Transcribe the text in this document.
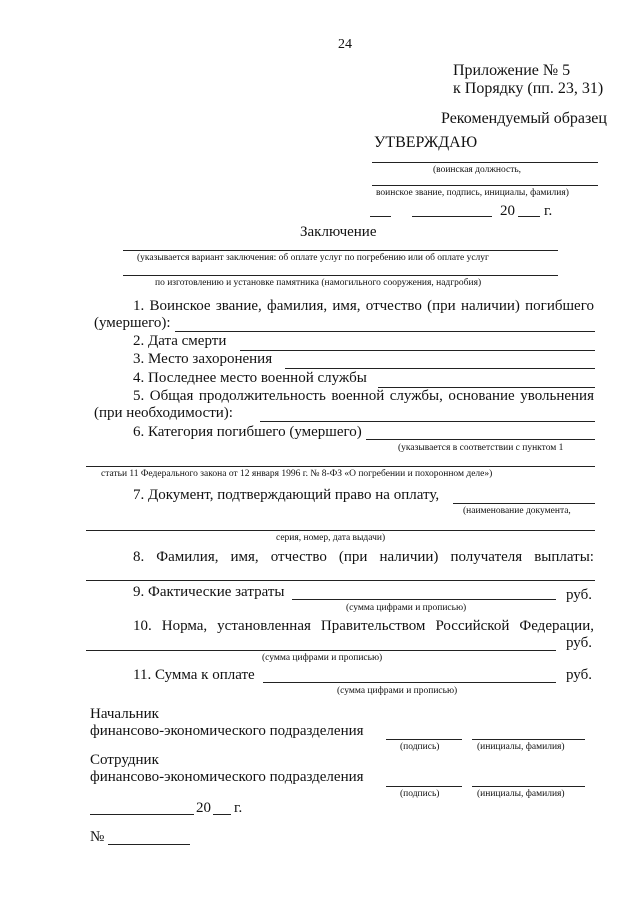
24
Приложение № 5
к Порядку (пп. 23, 31)
Рекомендуемый образец
УТВЕРЖДАЮ
(воинская должность,
воинское звание, подпись, инициалы, фамилия)
20 г.
Заключение
(указывается вариант заключения: об оплате услуг по погребению или об оплате услуг
по изготовлению и установке памятника (намогильного сооружения, надгробия)
1. Воинское звание, фамилия, имя, отчество (при наличии) погибшего
(умершего):
2. Дата смерти
3. Место захоронения
4. Последнее место военной службы
5. Общая продолжительность военной службы, основание увольнения
(при необходимости):
6. Категория погибшего (умершего)
(указывается в соответствии с пунктом 1
статьи 11 Федерального закона от 12 января 1996 г. № 8-ФЗ «О погребении и похоронном деле»)
7. Документ, подтверждающий право на оплату,
(наименование документа,
серия, номер, дата выдачи)
8. Фамилия, имя, отчество (при наличии) получателя выплаты:
9. Фактические затраты	руб.
(сумма цифрами и прописью)
10. Норма, установленная Правительством Российской Федерации,
руб.
(сумма цифрами и прописью)
11. Сумма к оплате	руб.
(сумма цифрами и прописью)
Начальник
финансово-экономического подразделения
(подпись)	(инициалы, фамилия)
Сотрудник
финансово-экономического подразделения
(подпись)	(инициалы, фамилия)
20 г.
№
